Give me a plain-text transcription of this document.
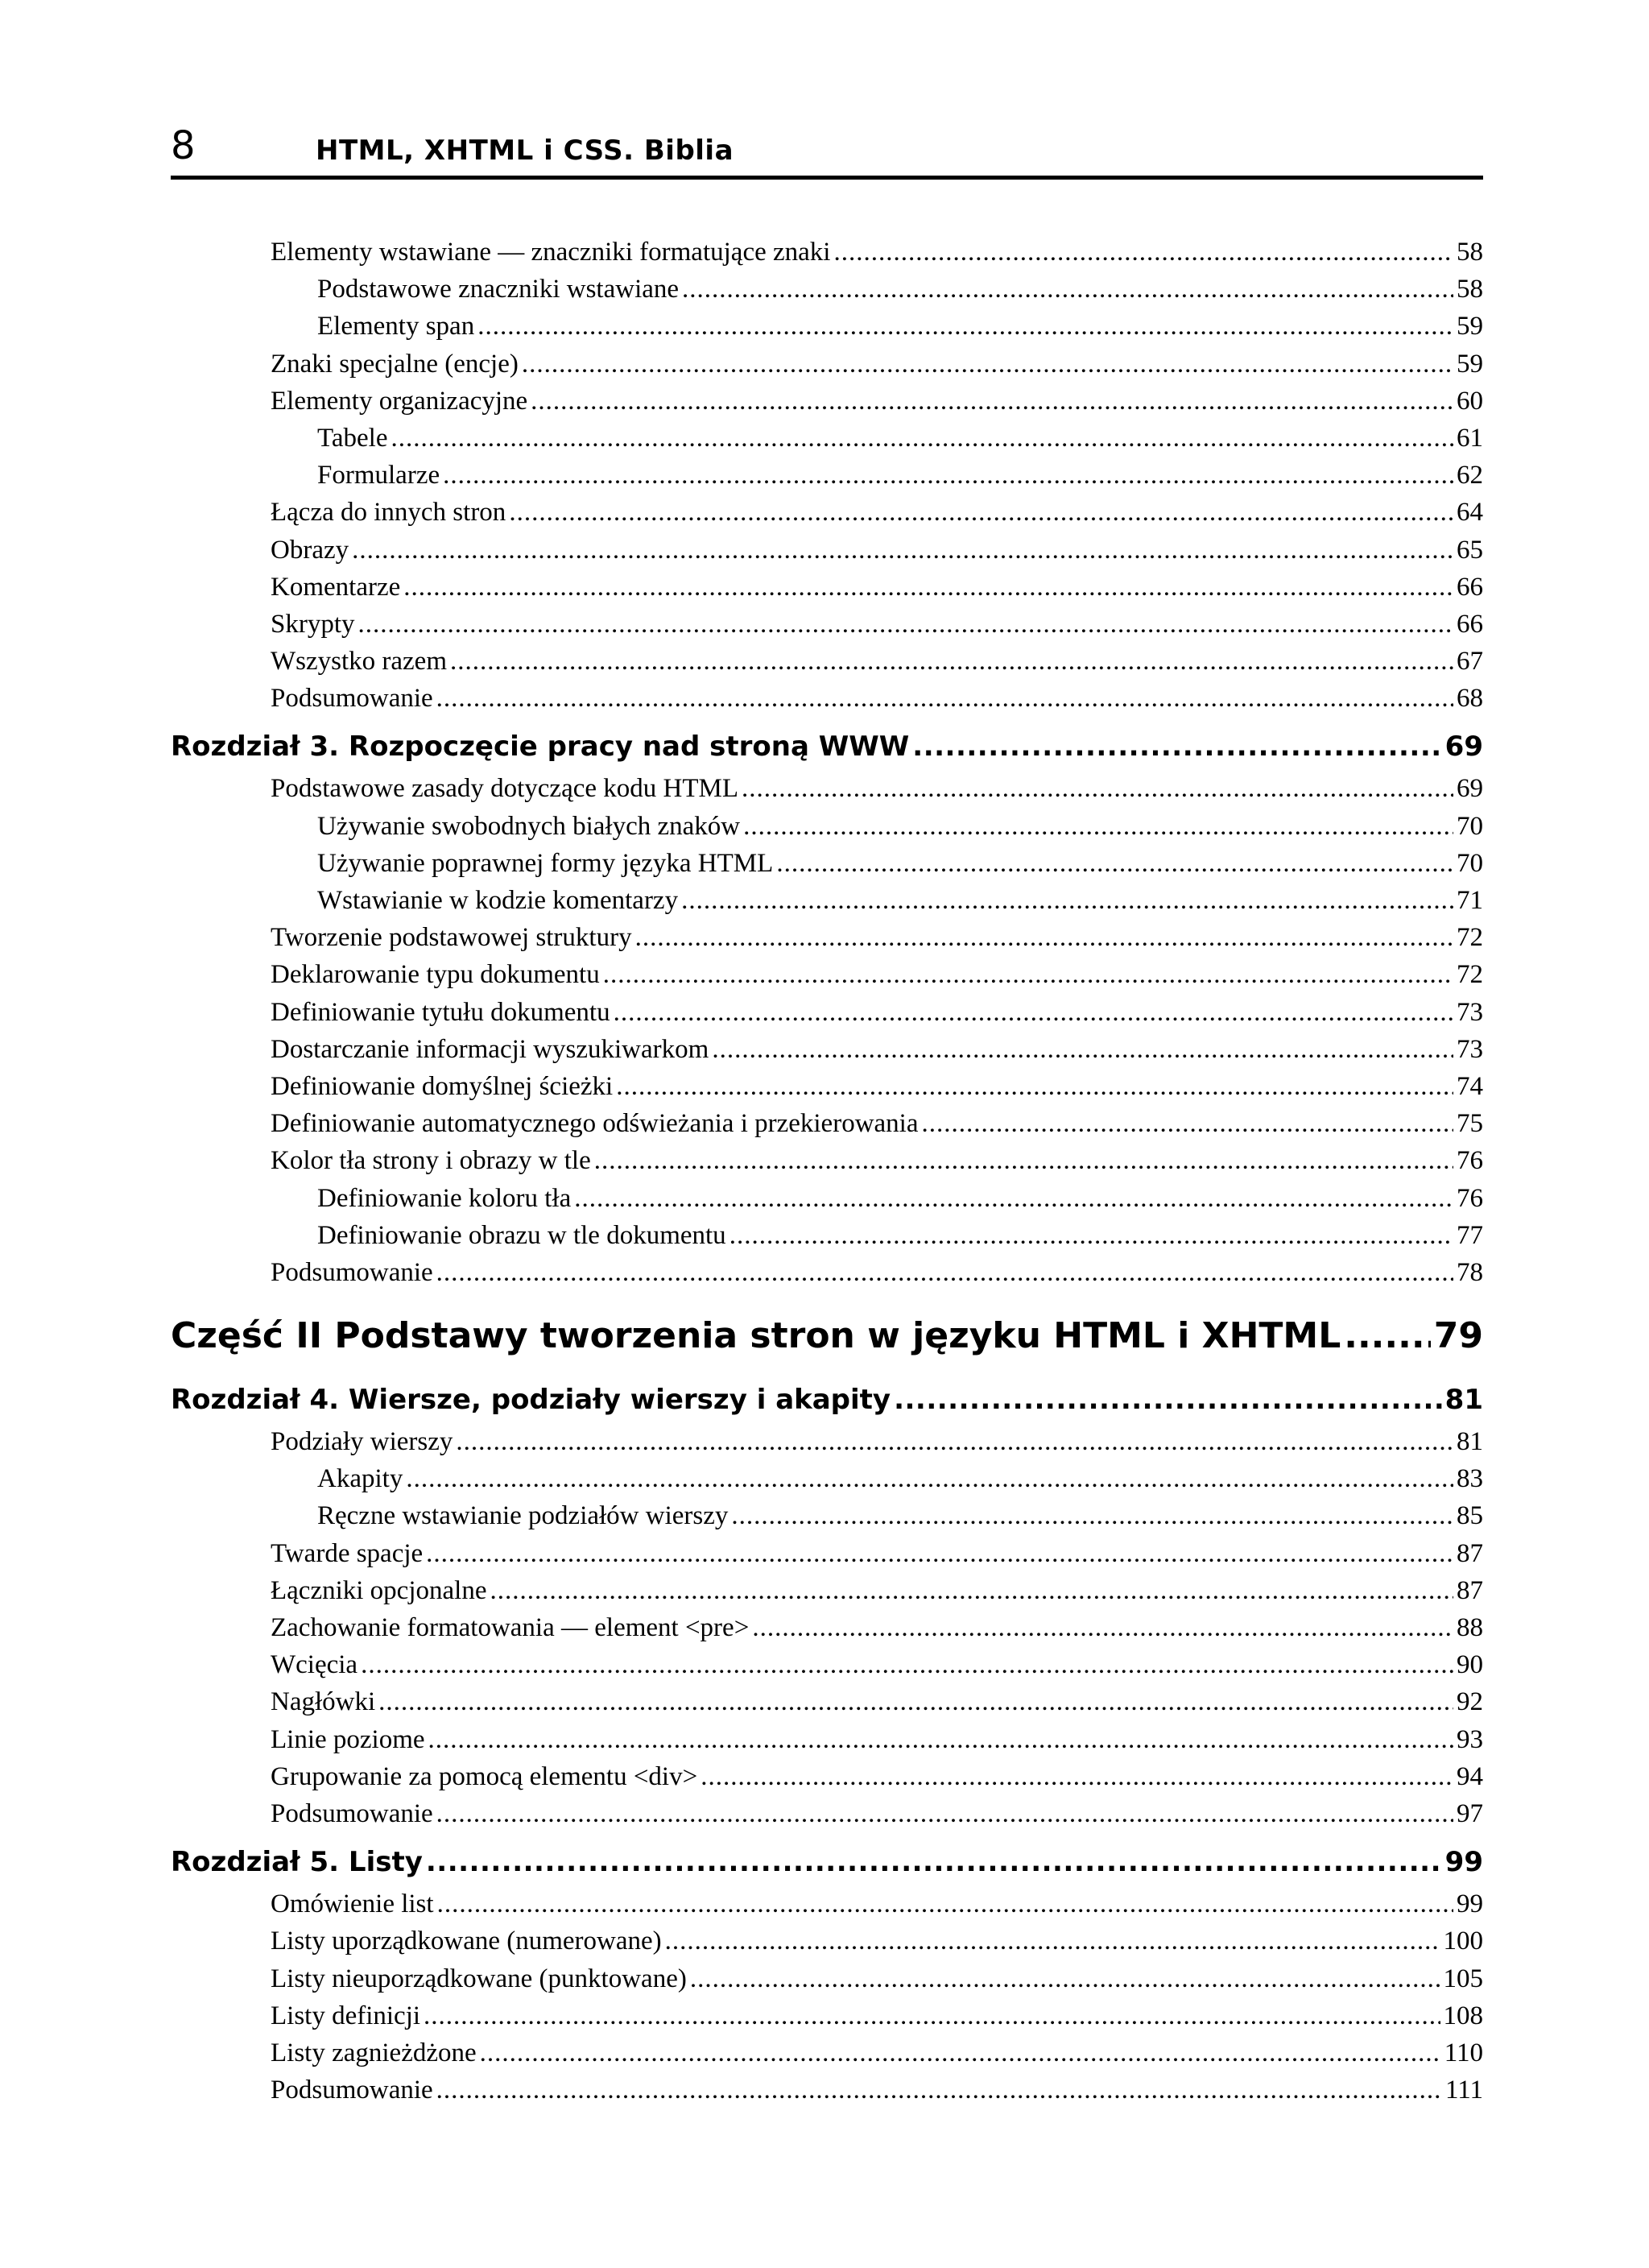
8	HTML, XHTML i CSS. Biblia
Elementy wstawiane — znaczniki formatujące znaki .....	58
Podstawowe znaczniki wstawiane .....	58
Elementy span .....	59
Znaki specjalne (encje) .....	59
Elementy organizacyjne .....	60
Tabele .....	61
Formularze .....	62
Łącza do innych stron .....	64
Obrazy .....	65
Komentarze .....	66
Skrypty .....	66
Wszystko razem .....	67
Podsumowanie .....	68
Rozdział 3. Rozpoczęcie pracy nad stroną WWW .....	69
Podstawowe zasady dotyczące kodu HTML .....	69
Używanie swobodnych białych znaków .....	70
Używanie poprawnej formy języka HTML .....	70
Wstawianie w kodzie komentarzy .....	71
Tworzenie podstawowej struktury .....	72
Deklarowanie typu dokumentu .....	72
Definiowanie tytułu dokumentu .....	73
Dostarczanie informacji wyszukiwarkom .....	73
Definiowanie domyślnej ścieżki .....	74
Definiowanie automatycznego odświeżania i przekierowania .....	75
Kolor tła strony i obrazy w tle .....	76
Definiowanie koloru tła .....	76
Definiowanie obrazu w tle dokumentu .....	77
Podsumowanie .....	78
Część II Podstawy tworzenia stron w języku HTML i XHTML .....	79
Rozdział 4. Wiersze, podziały wierszy i akapity .....	81
Podziały wierszy .....	81
Akapity .....	83
Ręczne wstawianie podziałów wierszy .....	85
Twarde spacje .....	87
Łączniki opcjonalne .....	87
Zachowanie formatowania — element <pre> .....	88
Wcięcia .....	90
Nagłówki .....	92
Linie poziome .....	93
Grupowanie za pomocą elementu <div> .....	94
Podsumowanie .....	97
Rozdział 5. Listy .....	99
Omówienie list .....	99
Listy uporządkowane (numerowane) .....	100
Listy nieuporządkowane (punktowane) .....	105
Listy definicji .....	108
Listy zagnieżdżone .....	110
Podsumowanie .....	111
